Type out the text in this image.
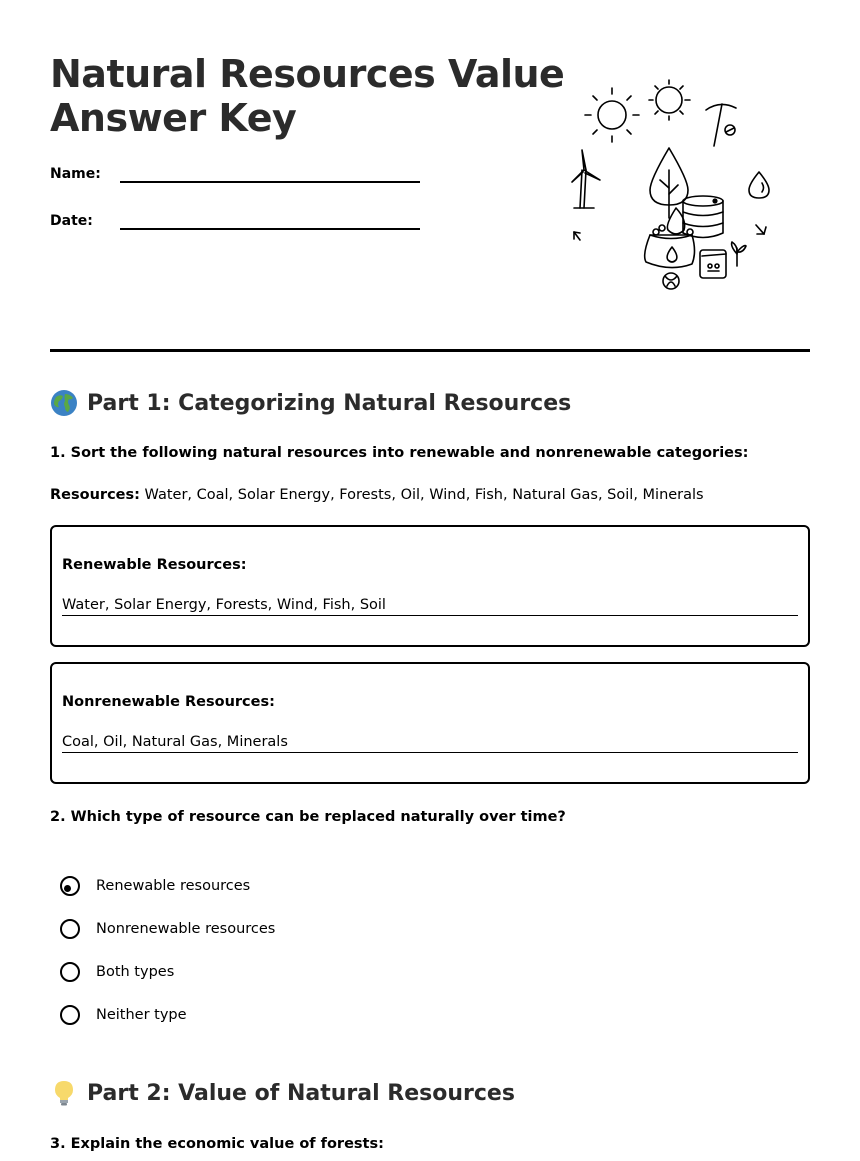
Natural Resources Value
Answer Key
Name:
Date:
Part 1: Categorizing Natural Resources
1. Sort the following natural resources into renewable and nonrenewable categories:
Resources: Water, Coal, Solar Energy, Forests, Oil, Wind, Fish, Natural Gas, Soil, Minerals
Renewable Resources:
Water, Solar Energy, Forests, Wind, Fish, Soil
Nonrenewable Resources:
Coal, Oil, Natural Gas, Minerals
2. Which type of resource can be replaced naturally over time?
Renewable resources
Nonrenewable resources
Both types
Neither type
Part 2: Value of Natural Resources
3. Explain the economic value of forests:
